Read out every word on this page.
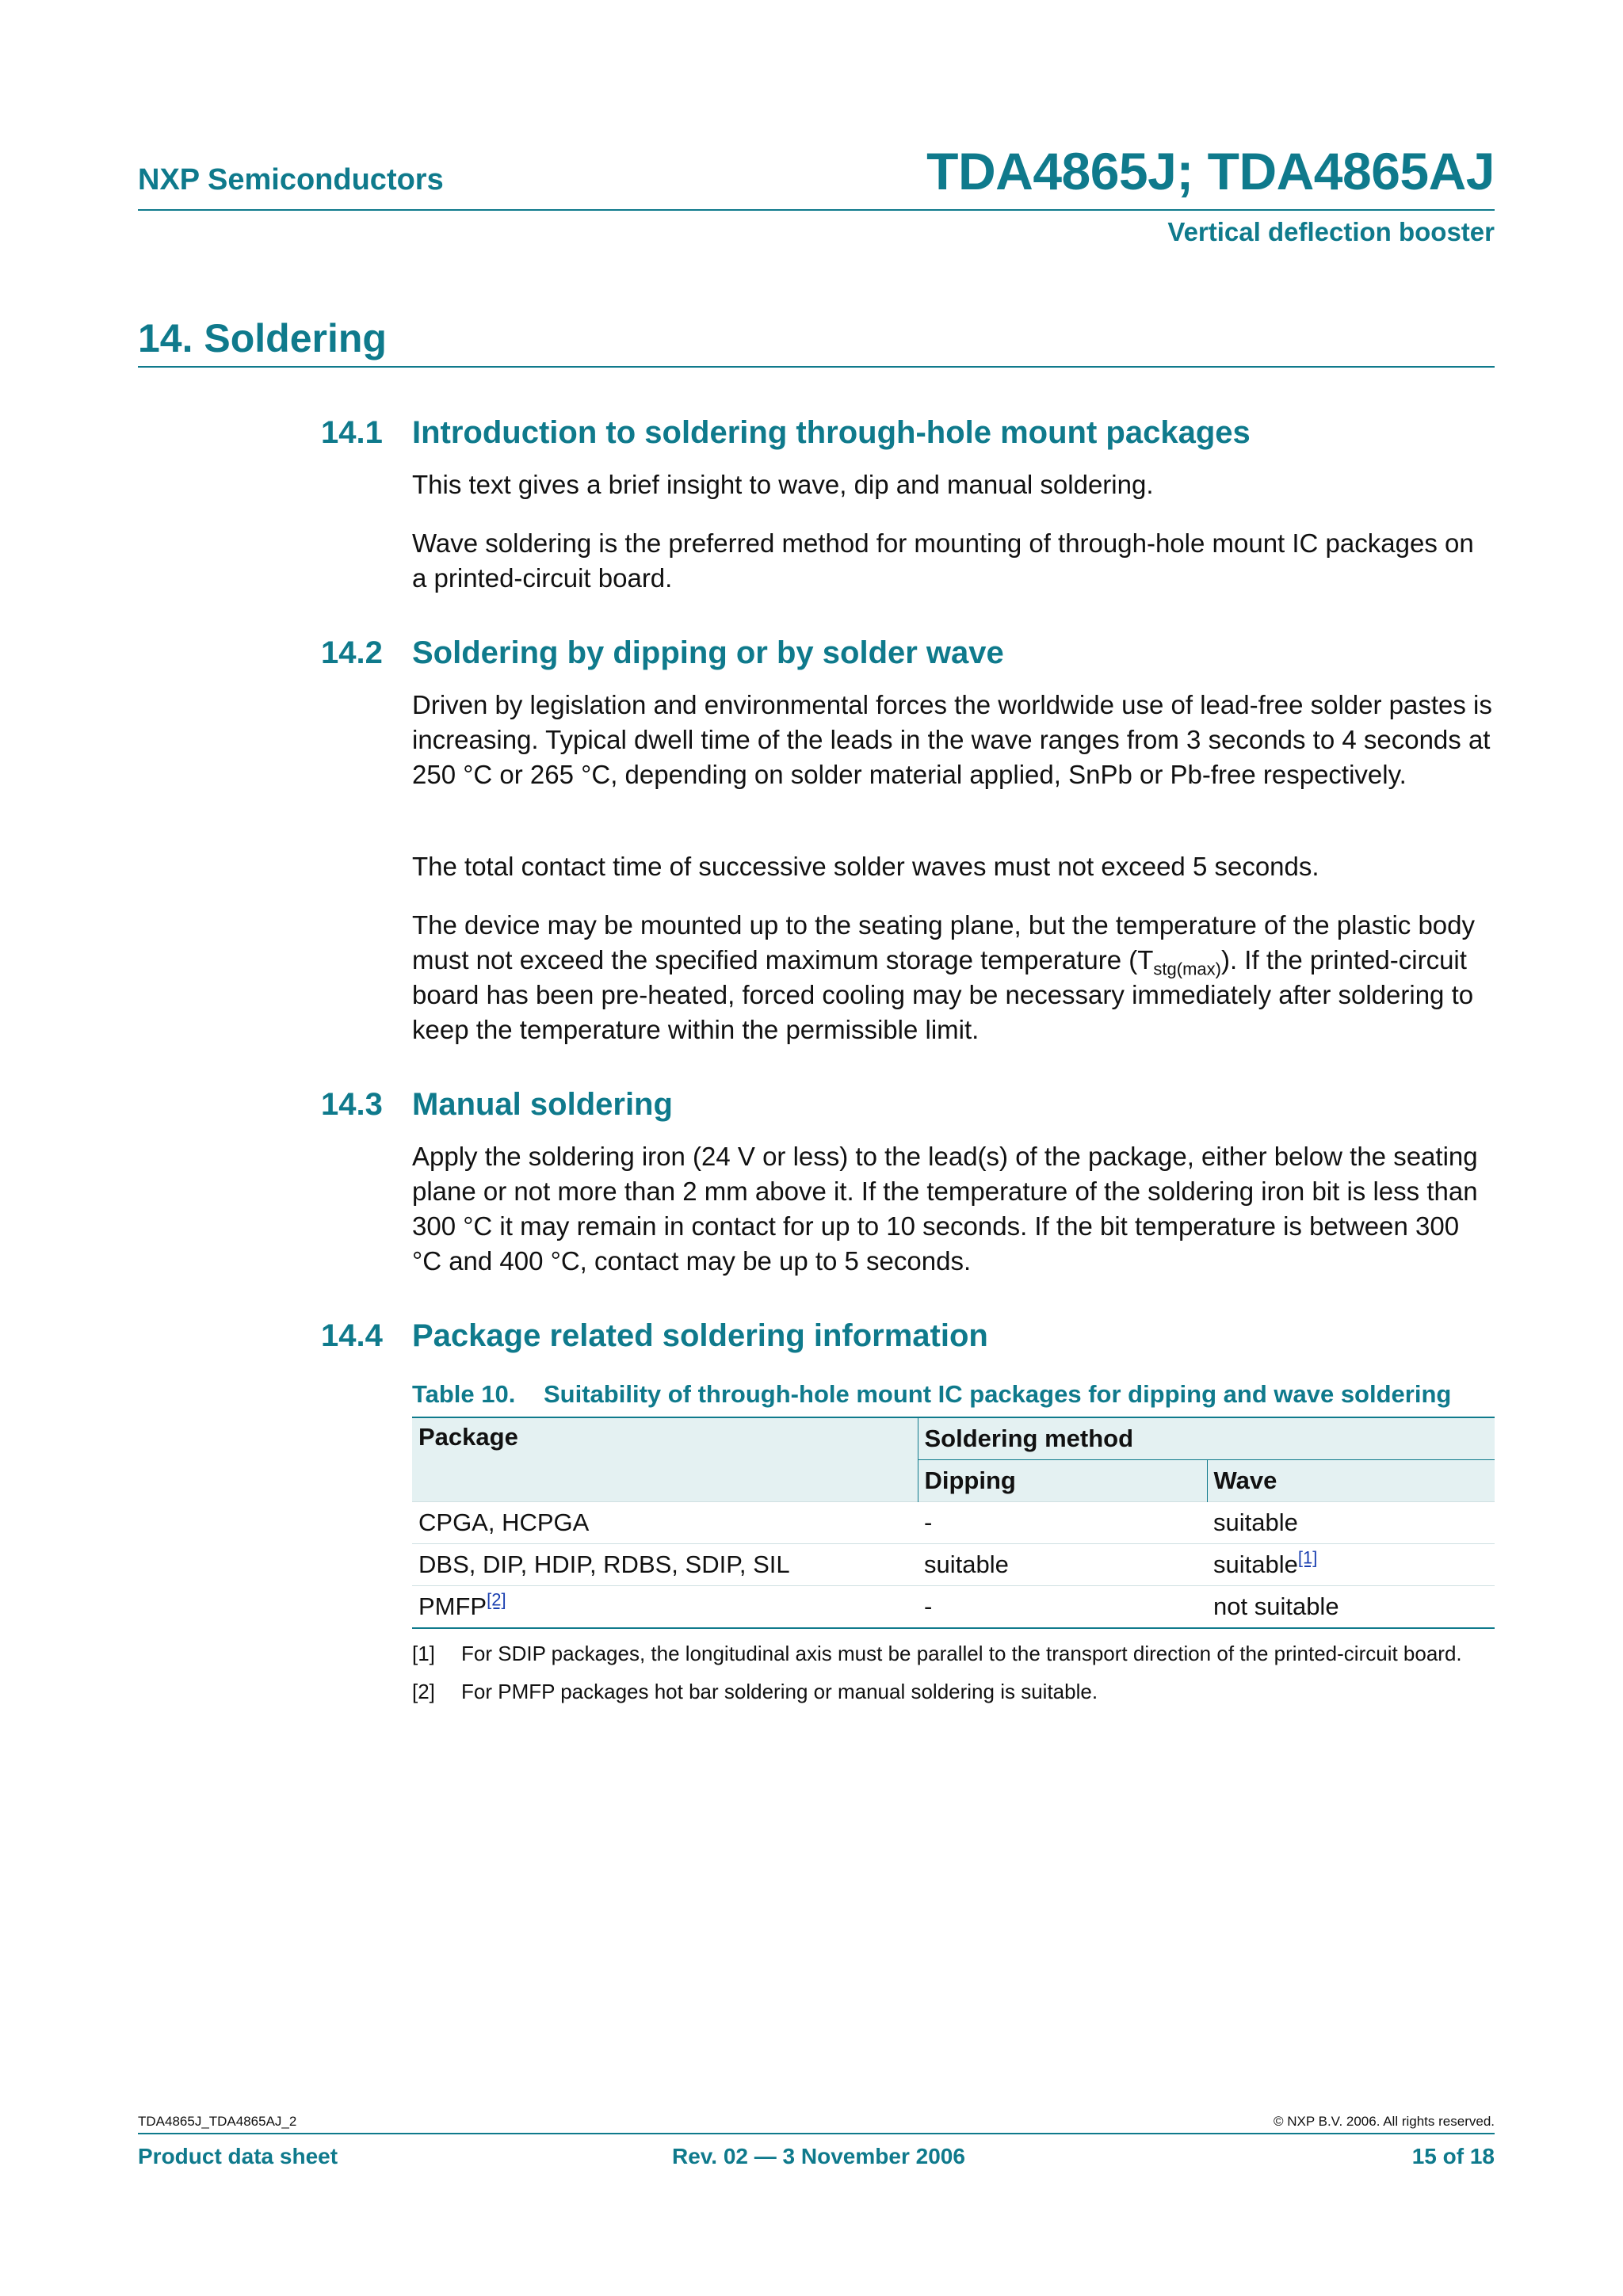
NXP Semiconductors	TDA4865J; TDA4865AJ
Vertical deflection booster
14. Soldering
14.1 Introduction to soldering through-hole mount packages

This text gives a brief insight to wave, dip and manual soldering.

Wave soldering is the preferred method for mounting of through-hole mount IC packages on a printed-circuit board.

14.2 Soldering by dipping or by solder wave

Driven by legislation and environmental forces the worldwide use of lead-free solder pastes is increasing. Typical dwell time of the leads in the wave ranges from 3 seconds to 4 seconds at 250 °C or 265 °C, depending on solder material applied, SnPb or Pb-free respectively.

The total contact time of successive solder waves must not exceed 5 seconds.

The device may be mounted up to the seating plane, but the temperature of the plastic body must not exceed the specified maximum storage temperature $(T_{stg(max)})$. If the printed-circuit board has been pre-heated, forced cooling may be necessary immediately after soldering to keep the temperature within the permissible limit.

14.3 Manual soldering

Apply the soldering iron (24 V or less) to the lead(s) of the package, either below the seating plane or not more than 2 mm above it. If the temperature of the soldering iron bit is less than 300 °C it may remain in contact for up to 10 seconds. If the bit temperature is between 300 °C and 400 °C, contact may be up to 5 seconds.

14.4 Package related soldering information
Table 10. Suitability of through-hole mount IC packages for dipping and wave soldering
Package	Soldering method	
	Dipping	Wave
CPGA, HCPGA	-	suitable
DBS, DIP, HDIP, RDBS, SDIP, SIL	suitable	suitable[1]
PMFP[2]	-	not suitable
[1]	For SDIP packages, the longitudinal axis must be parallel to the transport direction of the printed-circuit board.
[2]	For PMFP packages hot bar soldering or manual soldering is suitable.
TDA4865J_TDA4865AJ_2	© NXP B.V. 2006. All rights reserved.
Product data sheet	Rev. 02 — 3 November 2006	15 of 18
